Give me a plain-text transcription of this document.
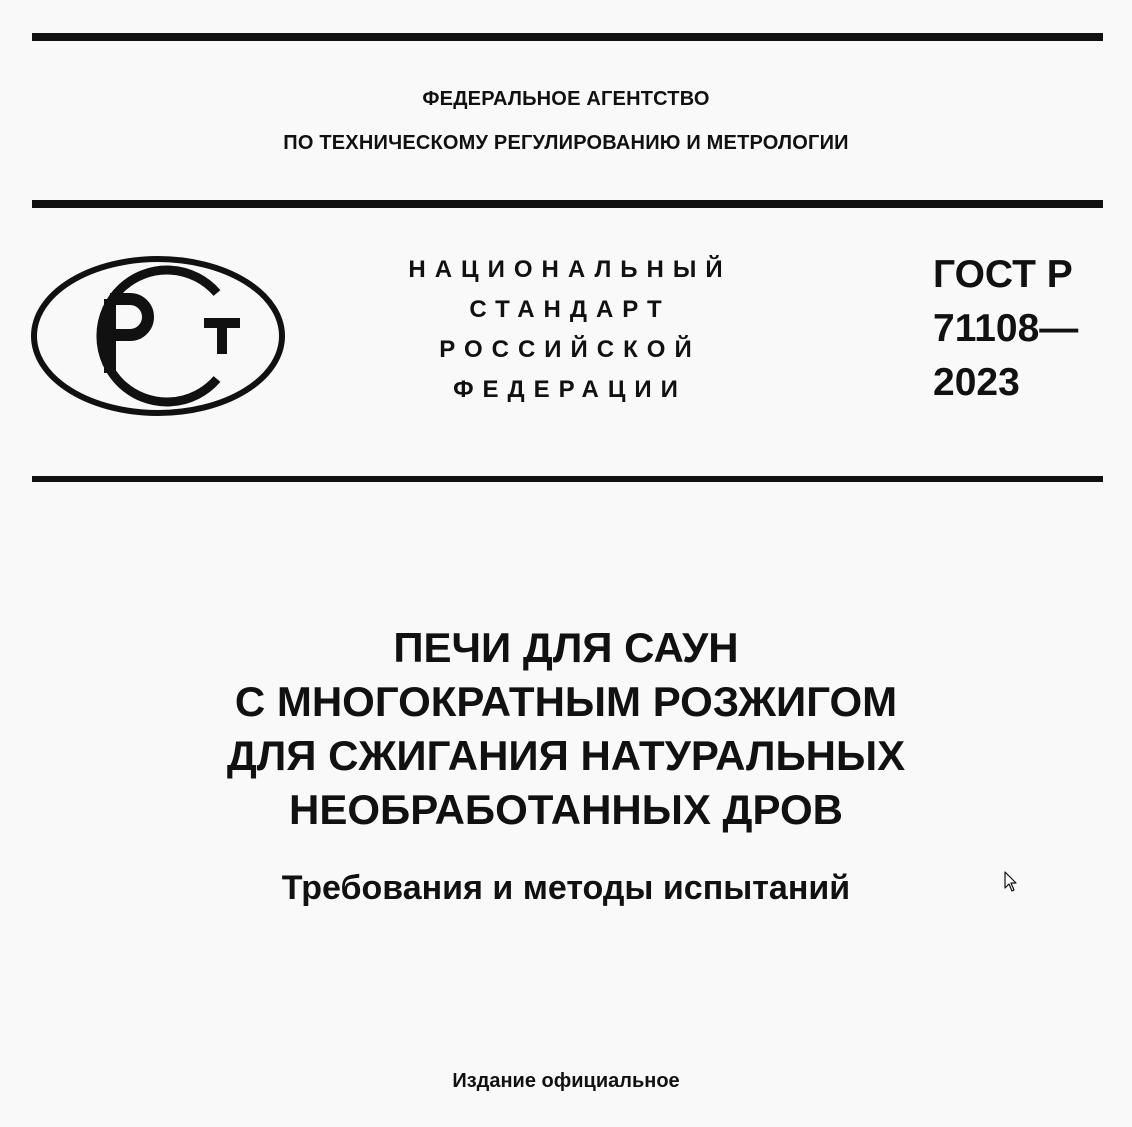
ФЕДЕРАЛЬНОЕ АГЕНТСТВО
ПО ТЕХНИЧЕСКОМУ РЕГУЛИРОВАНИЮ И МЕТРОЛОГИИ
НАЦИОНАЛЬНЫЙ
СТАНДАРТ
РОССИЙСКОЙ
ФЕДЕРАЦИИ
ГОСТ Р
71108—
2023
ПЕЧИ ДЛЯ САУН
С МНОГОКРАТНЫМ РОЗЖИГОМ
ДЛЯ СЖИГАНИЯ НАТУРАЛЬНЫХ
НЕОБРАБОТАННЫХ ДРОВ
Требования и методы испытаний
Издание официальное
